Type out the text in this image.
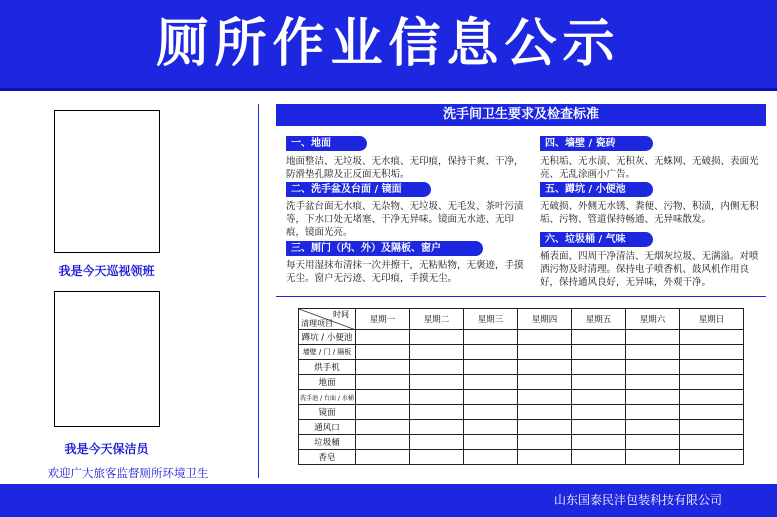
厕所作业信息公示
我是今天巡视领班
我是今天保洁员
欢迎广大旅客监督厕所环境卫生
洗手间卫生要求及检查标准
一、地面
地面整洁、无垃圾、无水痕、无印痕，保持干爽、干净，防滑垫孔隙及正反面无积垢。
二、洗手盆及台面 / 镜面
洗手盆台面无水痕、无杂物、无垃圾、无毛发、茶叶污渍等，下水口处无堵塞、干净无异味。镜面无水迹、无印痕，镜面光亮。
三、厕门（内、外）及隔板、窗户
每天用湿抹布清抹一次并擦干，无粘贴物，无褒迹，手摸无尘。窗户无污迹、无印痕，手摸无尘。
四、墙壁 / 瓷砖
无积垢、无水渍、无积灰、无蛛网、无破损、表面光亮、无乱涂画小广告。
五、蹲坑 / 小便池
无破损、外侧无水锈、粪便、污物、积渍，内侧无积垢、污物、管道保持畅通、无异味散发。
六、垃圾桶 / 气味
桶表面、四周干净清洁、无烟灰垃圾、无满溢。对喷洒污物及时清理。保持电子喷香机、鼓风机作用良好，保持通风良好，无异味，外观干净。
时间
清理项目	星期一	星期二	星期三	星期四	星期五	星期六	星期日
蹲坑 / 小便池							
墙壁 / 门 / 隔板							
烘手机							
地面							
洗手池 / 台面 / 水桶							
镜面							
通风口							
垃圾桶							
香皂							
山东国泰民沣包装科技有限公司
